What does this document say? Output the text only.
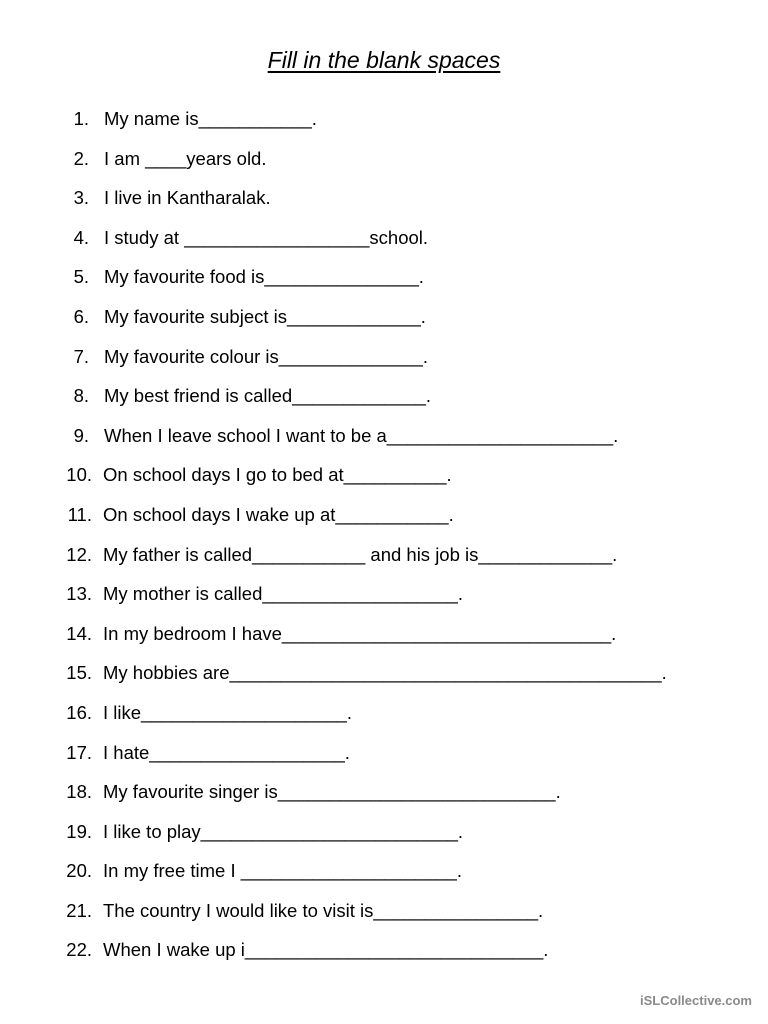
Fill in the blank spaces
1. My name is___________.
2. I am ____years old.
3. I live in Kantharalak.
4. I study at __________________school.
5. My favourite food is_______________.
6. My favourite subject is_____________.
7. My favourite colour is______________.
8. My best friend is called_____________.
9. When I leave school I want to be a______________________.
10. On school days I go to bed at__________.
11. On school days I wake up at___________.
12. My father is called___________ and his job is_____________.
13. My mother is called___________________.
14. In my bedroom I have________________________________.
15. My hobbies are__________________________________________.
16. I like____________________.
17. I hate___________________.
18. My favourite singer is___________________________.
19. I like to play_________________________.
20. In my free time I _____________________.
21. The country I would like to visit is________________.
22. When I wake up i_____________________________.
iSLCollective.com
